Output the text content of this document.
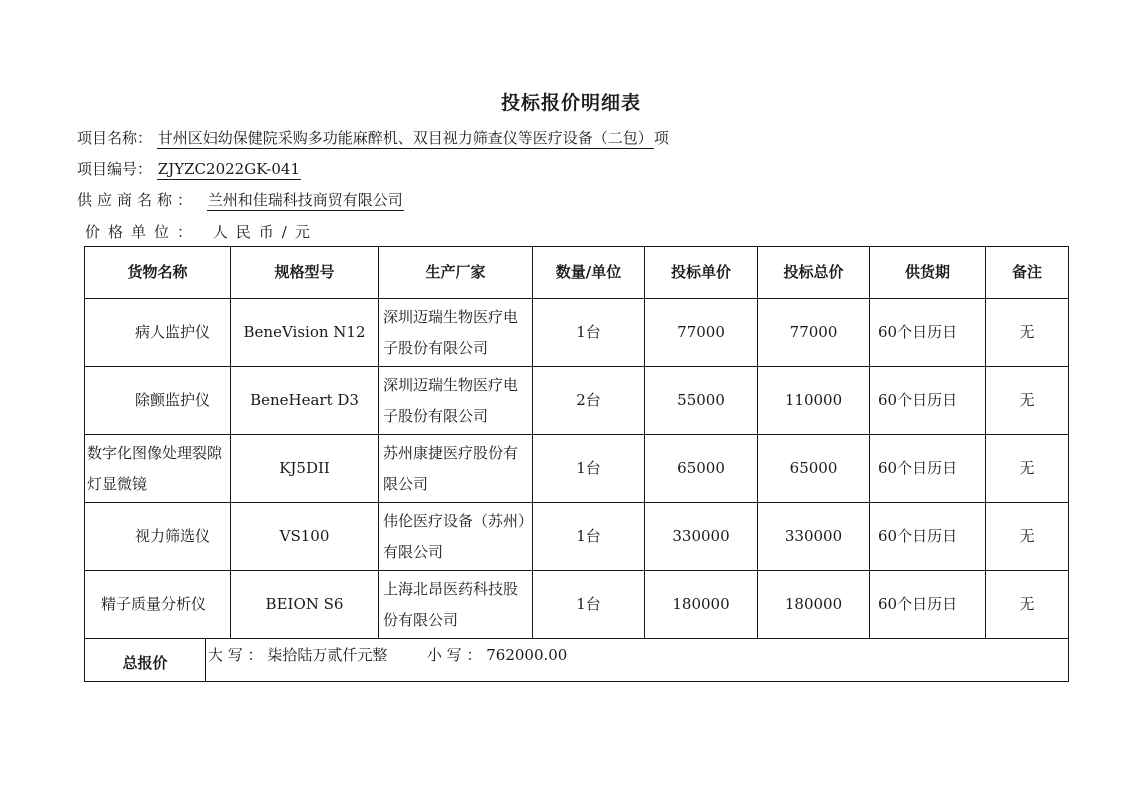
投标报价明细表
项目名称： 甘州区妇幼保健院采购多功能麻醉机、双目视力筛查仪等医疗设备（二包）项
项目编号： ZJYZC2022GK-041
供应商名称： 兰州和佳瑞科技商贸有限公司
价格单位： 人民币/元
货物名称		规格型号	生产厂家	数量/单位	投标单价	投标总价	供货期	备注
病人监护仪		BeneVision N12	深圳迈瑞生物医疗电子股份有限公司	1台	77000	77000	60个日历日	无
除颤监护仪		BeneHeart D3	深圳迈瑞生物医疗电子股份有限公司	2台	55000	110000	60个日历日	无
数字化图像处理裂隙灯显微镜		KJ5DII	苏州康捷医疗股份有限公司	1台	65000	65000	60个日历日	无
视力筛选仪		VS100	伟伦医疗设备（苏州）有限公司	1台	330000	330000	60个日历日	无
精子质量分析仪		BEION S6	上海北昂医药科技股份有限公司	1台	180000	180000	60个日历日	无
总报价	大 写 ： 柒拾陆万贰仟元整 小 写 ： 762000.00							
